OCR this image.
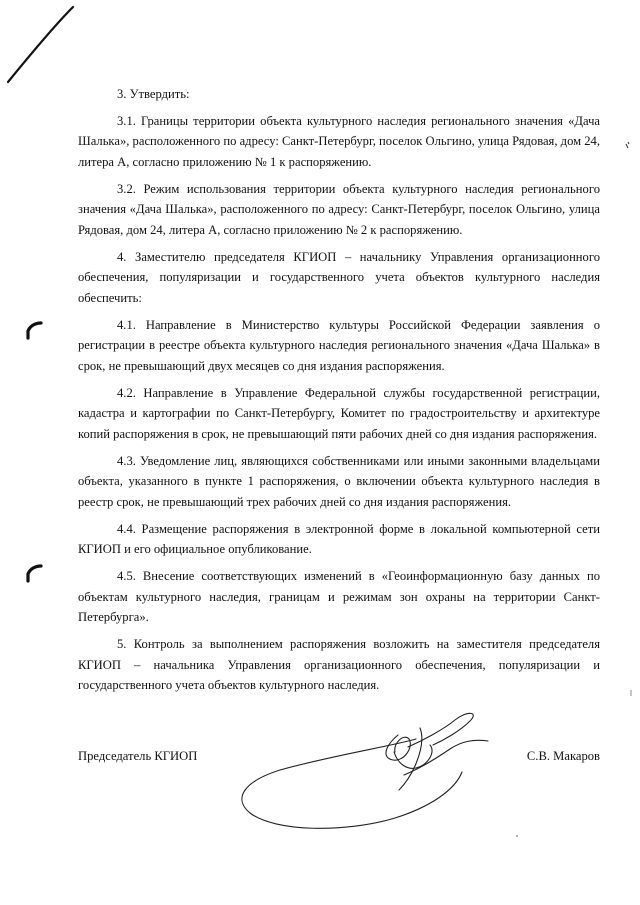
3. Утвердить:

3.1. Границы территории объекта культурного наследия регионального значения «Дача Шалька», расположенного по адресу: Санкт-Петербург, поселок Ольгино, улица Рядовая, дом 24, литера А, согласно приложению № 1 к распоряжению.

3.2. Режим использования территории объекта культурного наследия регионального значения «Дача Шалька», расположенного по адресу: Санкт-Петербург, поселок Ольгино, улица Рядовая, дом 24, литера А, согласно приложению № 2 к распоряжению.

4. Заместителю председателя КГИОП – начальнику Управления организационного обеспечения, популяризации и государственного учета объектов культурного наследия обеспечить:

4.1. Направление в Министерство культуры Российской Федерации заявления о регистрации в реестре объекта культурного наследия регионального значения «Дача Шалька» в срок, не превышающий двух месяцев со дня издания распоряжения.

4.2. Направление в Управление Федеральной службы государственной регистрации, кадастра и картографии по Санкт-Петербургу, Комитет по градостроительству и архитектуре копий распоряжения в срок, не превышающий пяти рабочих дней со дня издания распоряжения.

4.3. Уведомление лиц, являющихся собственниками или иными законными владельцами объекта, указанного в пункте 1 распоряжения, о включении объекта культурного наследия в реестр срок, не превышающий трех рабочих дней со дня издания распоряжения.

4.4. Размещение распоряжения в электронной форме в локальной компьютерной сети КГИОП и его официальное опубликование.

4.5. Внесение соответствующих изменений в «Геоинформационную базу данных по объектам культурного наследия, границам и режимам зон охраны на территории Санкт-Петербурга».

5. Контроль за выполнением распоряжения возложить на заместителя председателя КГИОП – начальника Управления организационного обеспечения, популяризации и государственного учета объектов культурного наследия.

Председатель КГИОП	С.В. Макаров
